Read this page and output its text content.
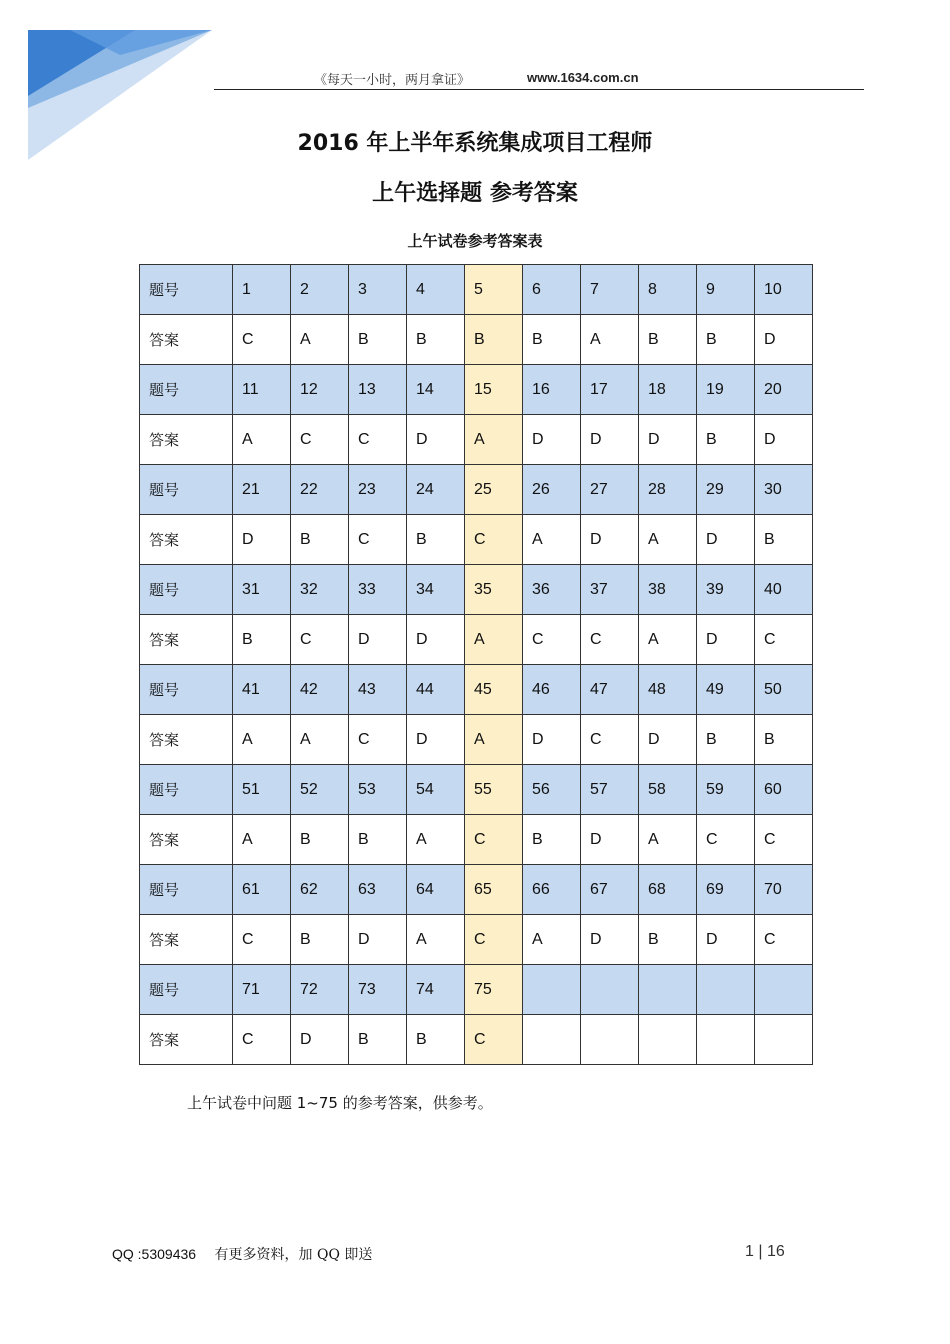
《每天一小时，两月拿证》	www.1634.com.cn
2016 年上半年系统集成项目工程师
上午选择题 参考答案
上午试卷参考答案表
题号	1	2	3	4	5	6	7	8	9	10
答案	C	A	B	B	B	B	A	B	B	D
题号	11	12	13	14	15	16	17	18	19	20
答案	A	C	C	D	A	D	D	D	B	D
题号	21	22	23	24	25	26	27	28	29	30
答案	D	B	C	B	C	A	D	A	D	B
题号	31	32	33	34	35	36	37	38	39	40
答案	B	C	D	D	A	C	C	A	D	C
题号	41	42	43	44	45	46	47	48	49	50
答案	A	A	C	D	A	D	C	D	B	B
题号	51	52	53	54	55	56	57	58	59	60
答案	A	B	B	A	C	B	D	A	C	C
题号	61	62	63	64	65	66	67	68	69	70
答案	C	B	D	A	C	A	D	B	D	C
题号	71	72	73	74	75					
答案	C	D	B	B	C					
上午试卷中问题 1~75 的参考答案，供参考。
QQ :5309436 有更多资料，加 QQ 即送	1 | 16
